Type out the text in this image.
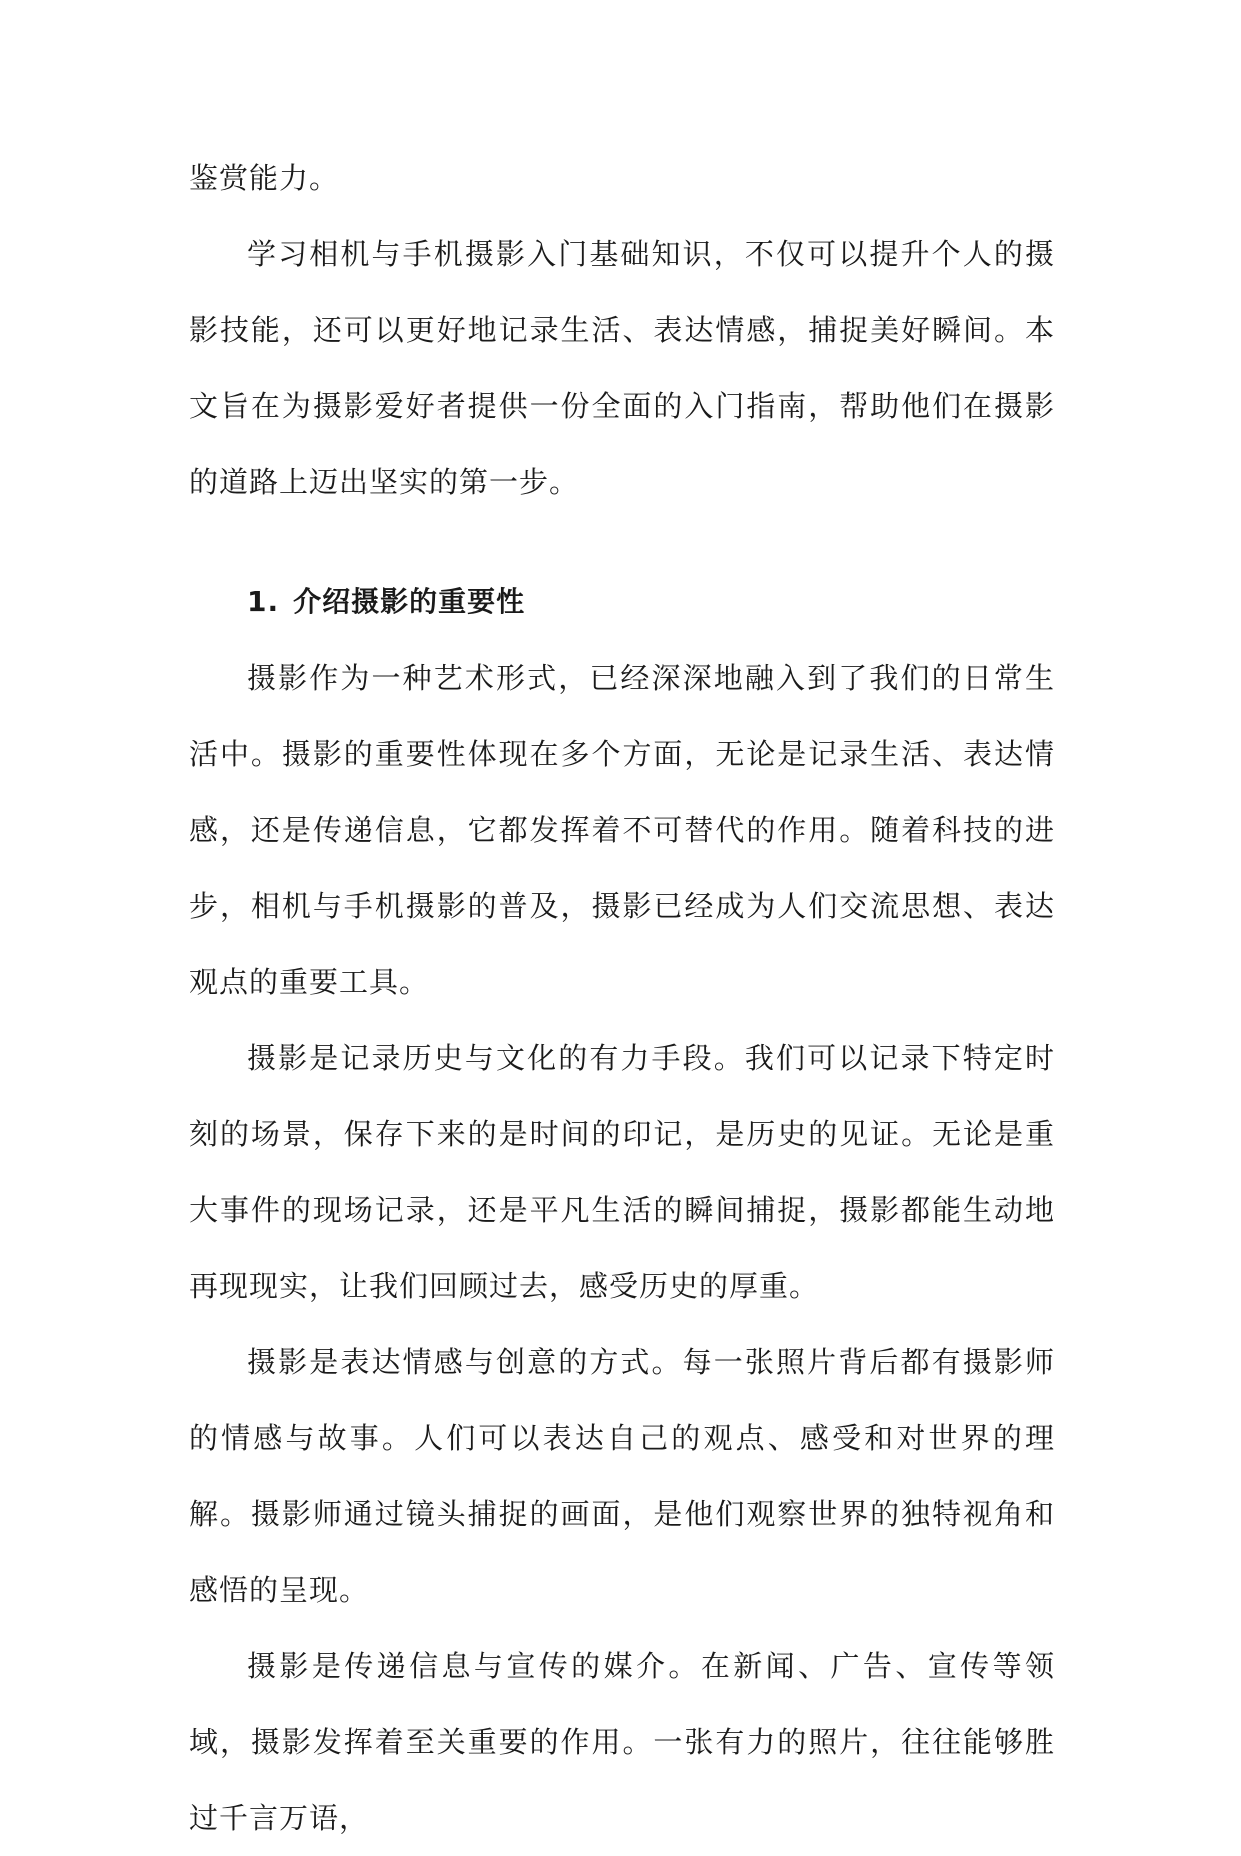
鉴赏能力。

学习相机与手机摄影入门基础知识，不仅可以提升个人的摄影技能，还可以更好地记录生活、表达情感，捕捉美好瞬间。本文旨在为摄影爱好者提供一份全面的入门指南，帮助他们在摄影的道路上迈出坚实的第一步。

1. 介绍摄影的重要性

摄影作为一种艺术形式，已经深深地融入到了我们的日常生活中。摄影的重要性体现在多个方面，无论是记录生活、表达情感，还是传递信息，它都发挥着不可替代的作用。随着科技的进步，相机与手机摄影的普及，摄影已经成为人们交流思想、表达观点的重要工具。

摄影是记录历史与文化的有力手段。我们可以记录下特定时刻的场景，保存下来的是时间的印记，是历史的见证。无论是重大事件的现场记录，还是平凡生活的瞬间捕捉，摄影都能生动地再现现实，让我们回顾过去，感受历史的厚重。

摄影是表达情感与创意的方式。每一张照片背后都有摄影师的情感与故事。人们可以表达自己的观点、感受和对世界的理解。摄影师通过镜头捕捉的画面，是他们观察世界的独特视角和感悟的呈现。

摄影是传递信息与宣传的媒介。在新闻、广告、宣传等领域，摄影发挥着至关重要的作用。一张有力的照片，往往能够胜过千言万语，
